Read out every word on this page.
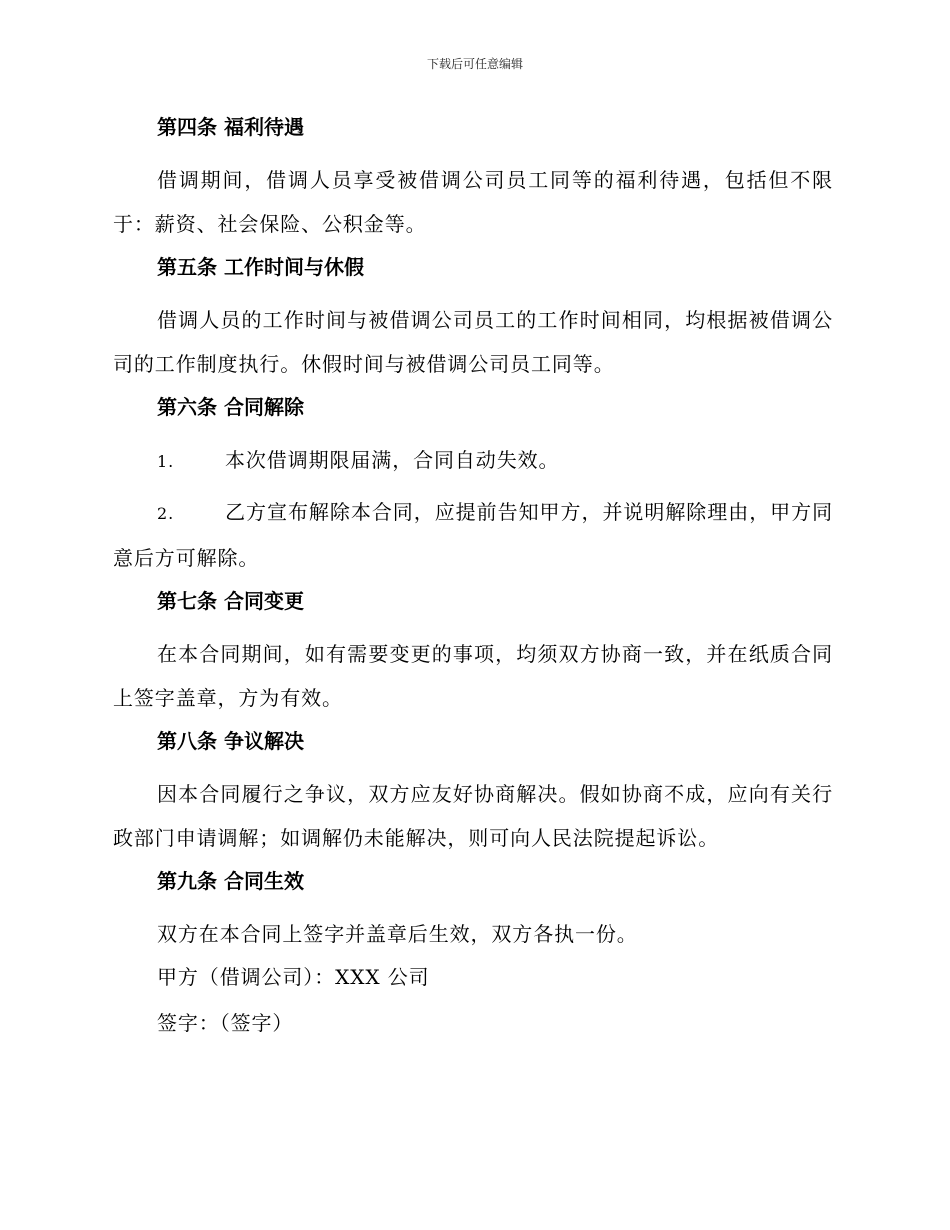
下载后可任意编辑
第四条 福利待遇
借调期间，借调人员享受被借调公司员工同等的福利待遇，包括但不限于：薪资、社会保险、公积金等。
第五条 工作时间与休假
借调人员的工作时间与被借调公司员工的工作时间相同，均根据被借调公司的工作制度执行。休假时间与被借调公司员工同等。
第六条 合同解除
1.	本次借调期限届满，合同自动失效。
2.	乙方宣布解除本合同，应提前告知甲方，并说明解除理由，甲方同意后方可解除。
第七条 合同变更
在本合同期间，如有需要变更的事项，均须双方协商一致，并在纸质合同上签字盖章，方为有效。
第八条 争议解决
因本合同履行之争议，双方应友好协商解决。假如协商不成，应向有关行政部门申请调解；如调解仍未能解决，则可向人民法院提起诉讼。
第九条 合同生效
双方在本合同上签字并盖章后生效，双方各执一份。
甲方（借调公司）：XXX 公司
签字：（签字）
